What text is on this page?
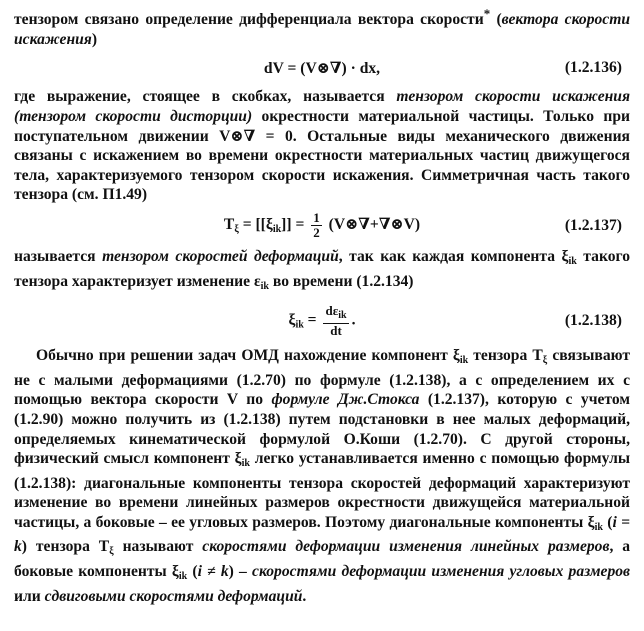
тензором связано определение дифференциала вектора скорости* (вектора скорости искажения)

dV = (V⊗∇) · dx,	(1.2.136)

где выражение, стоящее в скобках, называется тензором скорости искажения (тензором скорости дисторции) окрестности материальной частицы. Только при поступательном движении V⊗∇ = 0. Остальные виды механического движения связаны с искажением во времени окрестности материальных частиц движущегося тела, характеризуемого тензором скорости искажения. Симметричная часть такого тензора (см. П1.49)

$T_\xi = [[\xi_{ik}]] = \frac{1}{2}$ (V⊗∇+∇⊗V)	(1.2.137)

называется тензором скоростей деформаций, так как каждая компонента $\xi_{ik}$ такого тензора характеризует изменение $\varepsilon_{ik}$ во времени (1.2.134)

$\xi_{ik} = \frac{d\varepsilon_{ik}}{dt}$ .	(1.2.138)

Обычно при решении задач ОМД нахождение компонент $\xi_{ik}$ тензора $T_\xi$ связывают не с малыми деформациями (1.2.70) по формуле (1.2.138), а с определением их с помощью вектора скорости V по формуле Дж.Стокса (1.2.137), которую с учетом (1.2.90) можно получить из (1.2.138) путем подстановки в нее малых деформаций, определяемых кинематической формулой О.Коши (1.2.70). С другой стороны, физический смысл компонент $\xi_{ik}$ легко устанавливается именно с помощью формулы (1.2.138): диагональные компоненты тензора скоростей деформаций характеризуют изменение во времени линейных размеров окрестности движущейся материальной частицы, а боковые – ее угловых размеров. Поэтому диагональные компоненты $\xi_{ik}$ (i = k) тензора $T_\xi$ называют скоростями деформации изменения линейных размеров, а боковые компоненты $\xi_{ik}$ (i ≠ k) – скоростями деформации изменения угловых размеров или сдвиговыми скоростями деформаций.
